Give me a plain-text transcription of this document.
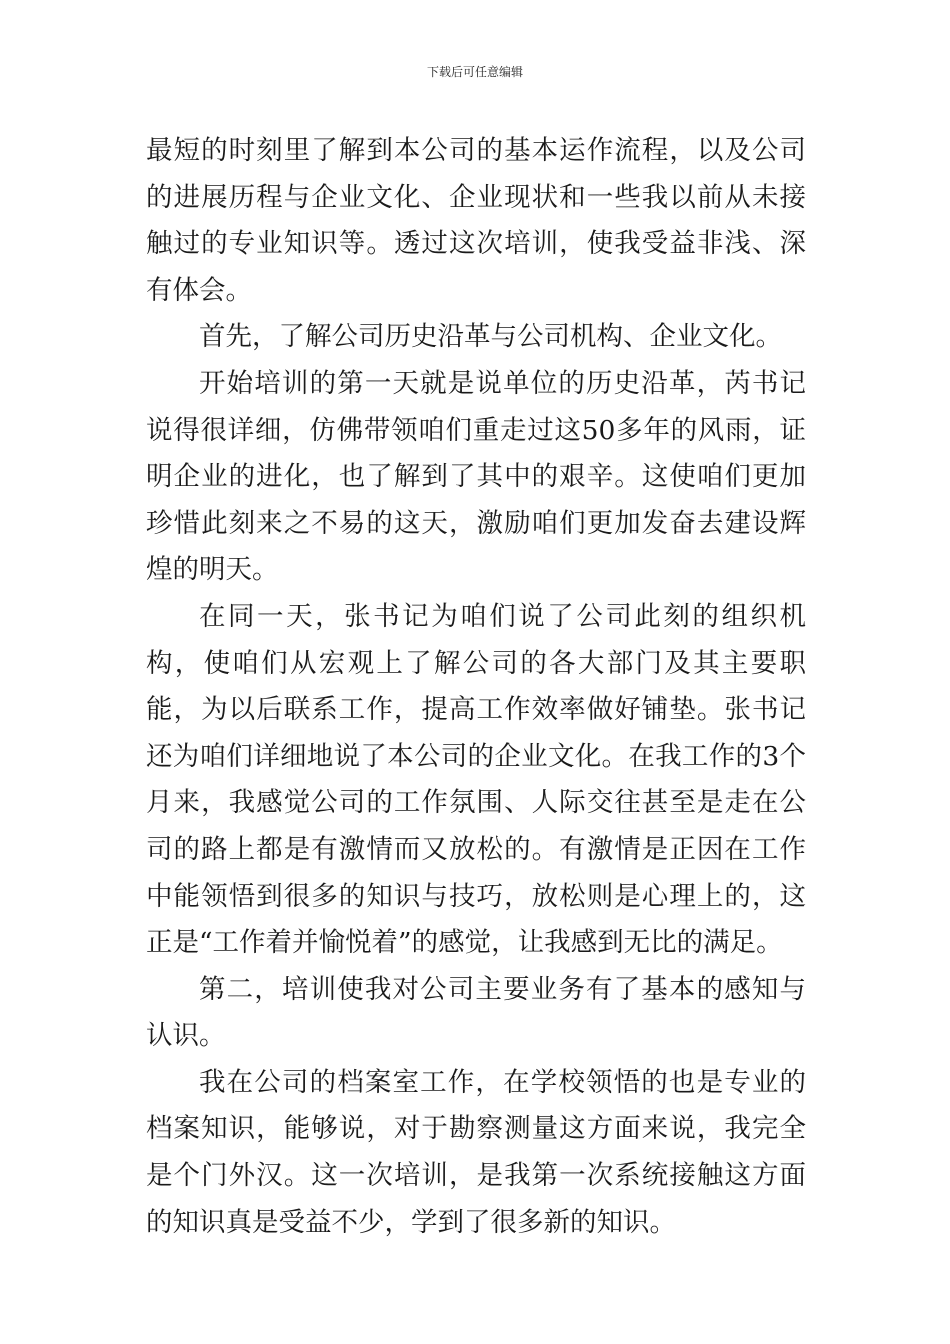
下载后可任意编辑

最短的时刻里了解到本公司的基本运作流程，以及公司的进展历程与企业文化、企业现状和一些我以前从未接触过的专业知识等。透过这次培训，使我受益非浅、深有体会。

首先，了解公司历史沿革与公司机构、企业文化。

开始培训的第一天就是说单位的历史沿革，芮书记说得很详细，仿佛带领咱们重走过这50多年的风雨，证明企业的进化，也了解到了其中的艰辛。这使咱们更加珍惜此刻来之不易的这天，激励咱们更加发奋去建设辉煌的明天。

在同一天，张书记为咱们说了公司此刻的组织机构，使咱们从宏观上了解公司的各大部门及其主要职能，为以后联系工作，提高工作效率做好铺垫。张书记还为咱们详细地说了本公司的企业文化。在我工作的3个月来，我感觉公司的工作氛围、人际交往甚至是走在公司的路上都是有激情而又放松的。有激情是正因在工作中能领悟到很多的知识与技巧，放松则是心理上的，这正是“工作着并愉悦着”的感觉，让我感到无比的满足。

第二，培训使我对公司主要业务有了基本的感知与认识。

我在公司的档案室工作，在学校领悟的也是专业的档案知识，能够说，对于勘察测量这方面来说，我完全是个门外汉。这一次培训，是我第一次系统接触这方面的知识真是受益不少，学到了很多新的知识。
